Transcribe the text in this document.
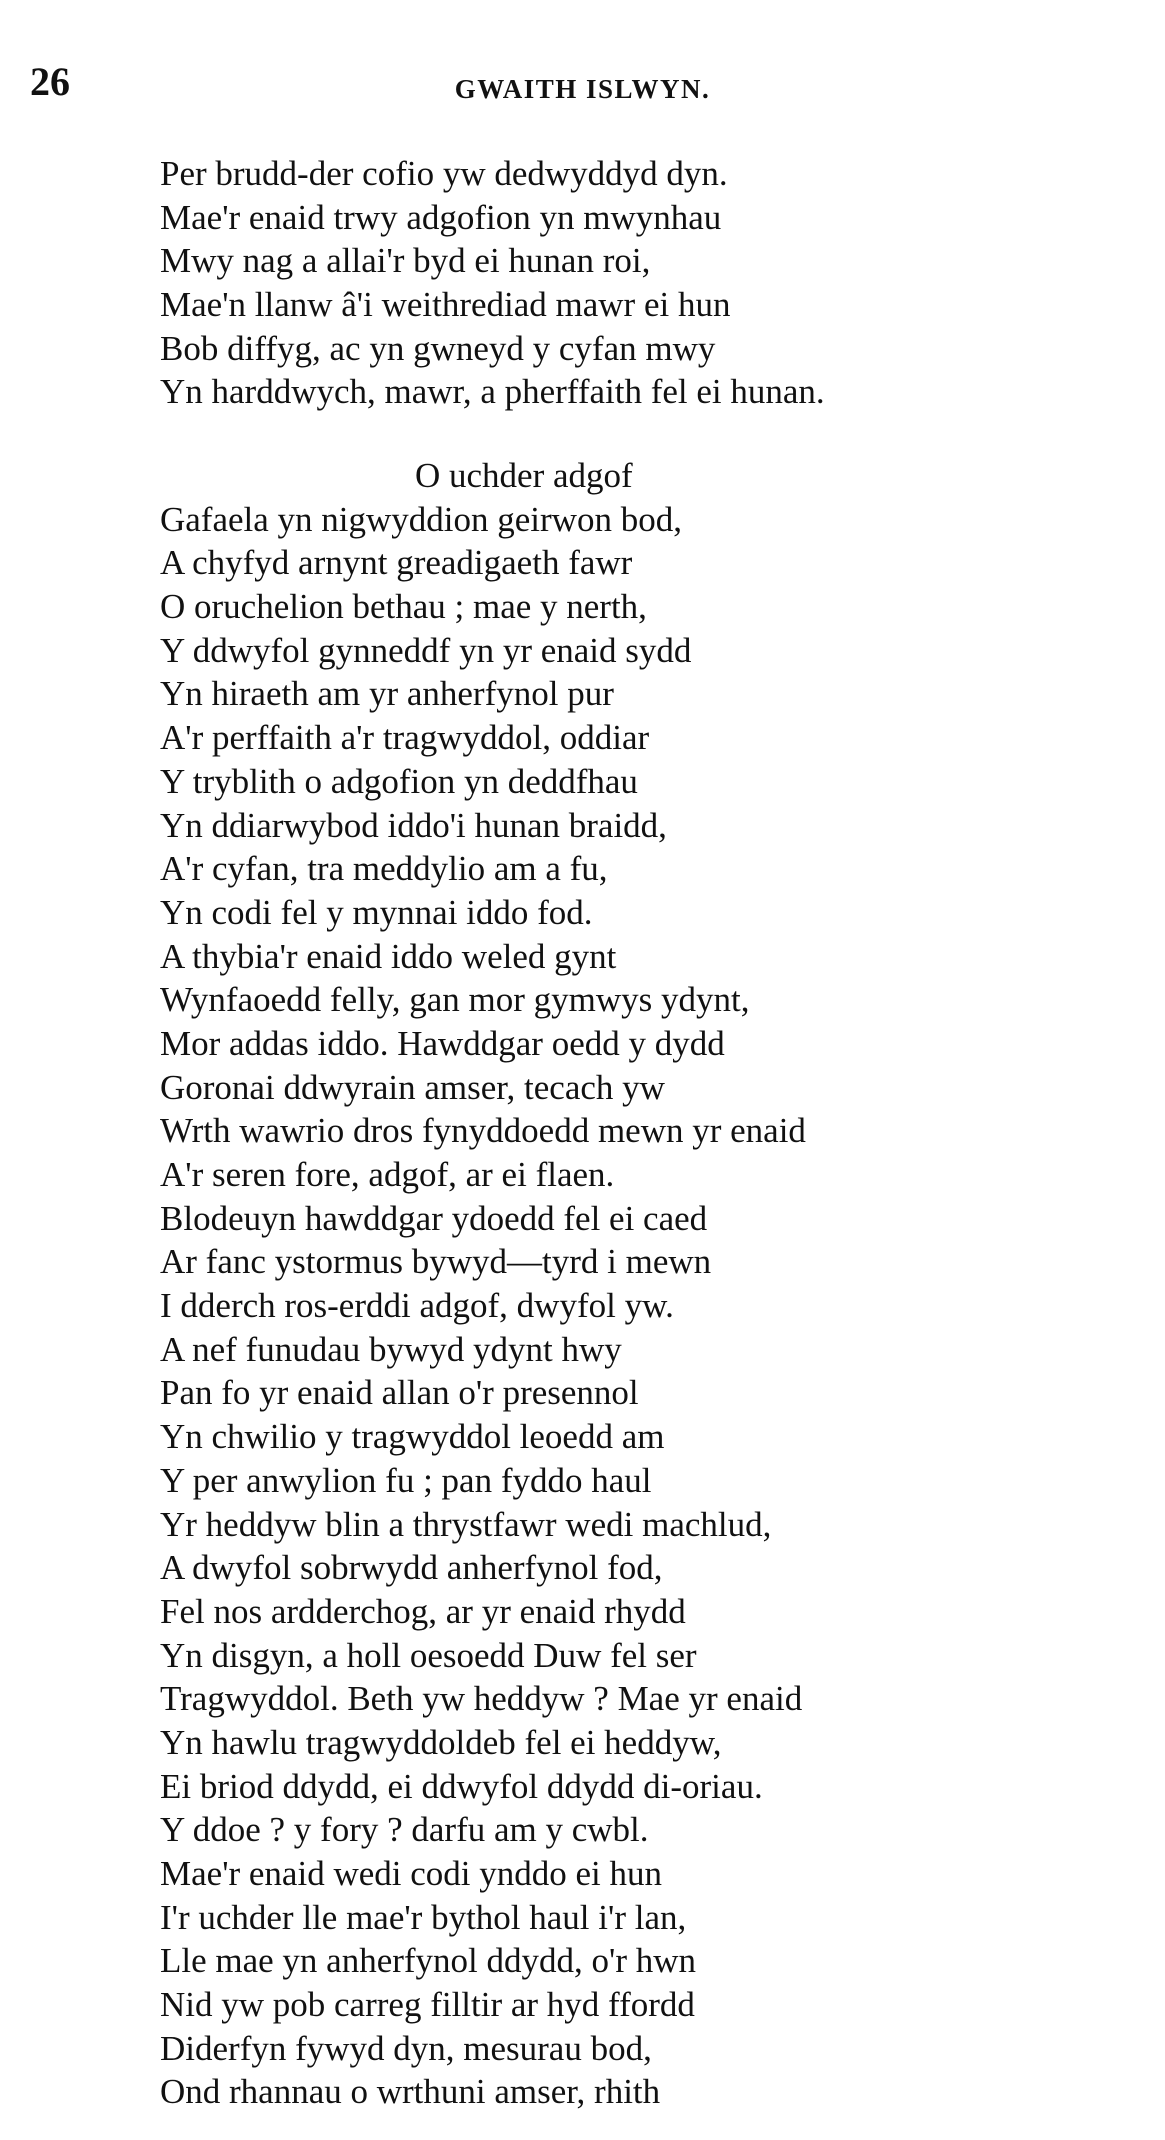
26	GWAITH ISLWYN.
Per brudd-der cofio yw dedwyddyd dyn.
Mae'r enaid trwy adgofion yn mwynhau
Mwy nag a allai'r byd ei hunan roi,
Mae'n llanw â'i weithrediad mawr ei hun
Bob diffyg, ac yn gwneyd y cyfan mwy
Yn harddwych, mawr, a pherffaith fel ei hunan.
O uchder adgof
Gafaela yn nigwyddion geirwon bod,
A chyfyd arnynt greadigaeth fawr
O oruchelion bethau ; mae y nerth,
Y ddwyfol gynneddf yn yr enaid sydd
Yn hiraeth am yr anherfynol pur
A'r perffaith a'r tragwyddol, oddiar
Y tryblith o adgofion yn deddfhau
Yn ddiarwybod iddo'i hunan braidd,
A'r cyfan, tra meddylio am a fu,
Yn codi fel y mynnai iddo fod.
A thybia'r enaid iddo weled gynt
Wynfaoedd felly, gan mor gymwys ydynt,
Mor addas iddo. Hawddgar oedd y dydd
Goronai ddwyrain amser, tecach yw
Wrth wawrio dros fynyddoedd mewn yr enaid
A'r seren fore, adgof, ar ei flaen.
Blodeuyn hawddgar ydoedd fel ei caed
Ar fanc ystormus bywyd—tyrd i mewn
I dderch ros-erddi adgof, dwyfol yw.
A nef funudau bywyd ydynt hwy
Pan fo yr enaid allan o'r presennol
Yn chwilio y tragwyddol leoedd am
Y per anwylion fu ; pan fyddo haul
Yr heddyw blin a thrystfawr wedi machlud,
A dwyfol sobrwydd anherfynol fod,
Fel nos ardderchog, ar yr enaid rhydd
Yn disgyn, a holl oesoedd Duw fel ser
Tragwyddol. Beth yw heddyw ? Mae yr enaid
Yn hawlu tragwyddoldeb fel ei heddyw,
Ei briod ddydd, ei ddwyfol ddydd di-oriau.
Y ddoe ? y fory ? darfu am y cwbl.
Mae'r enaid wedi codi ynddo ei hun
I'r uchder lle mae'r bythol haul i'r lan,
Lle mae yn anherfynol ddydd, o'r hwn
Nid yw pob carreg filltir ar hyd ffordd
Diderfyn fywyd dyn, mesurau bod,
Ond rhannau o wrthuni amser, rhith
